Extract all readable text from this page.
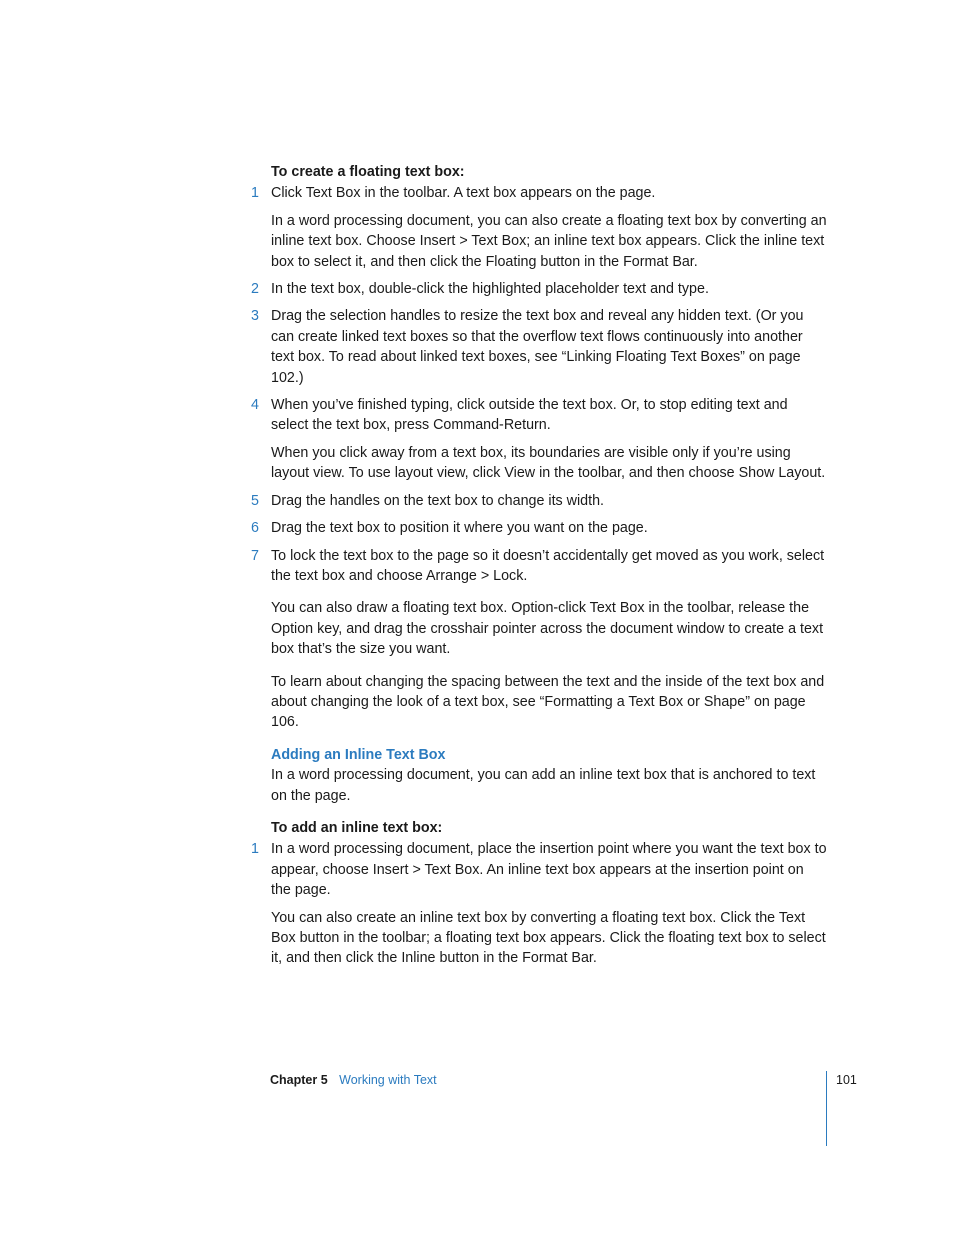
To create a floating text box:

1 Click Text Box in the toolbar. A text box appears on the page.

In a word processing document, you can also create a floating text box by converting an inline text box. Choose Insert > Text Box; an inline text box appears. Click the inline text box to select it, and then click the Floating button in the Format Bar.

2 In the text box, double-click the highlighted placeholder text and type.
3 Drag the selection handles to resize the text box and reveal any hidden text. (Or you can create linked text boxes so that the overflow text flows continuously into another text box. To read about linked text boxes, see “Linking Floating Text Boxes” on page 102.)
4 When you’ve finished typing, click outside the text box. Or, to stop editing text and select the text box, press Command-Return.

When you click away from a text box, its boundaries are visible only if you’re using layout view. To use layout view, click View in the toolbar, and then choose Show Layout.

5 Drag the handles on the text box to change its width.
6 Drag the text box to position it where you want on the page.
7 To lock the text box to the page so it doesn’t accidentally get moved as you work, select the text box and choose Arrange > Lock.

You can also draw a floating text box. Option-click Text Box in the toolbar, release the Option key, and drag the crosshair pointer across the document window to create a text box that’s the size you want.

To learn about changing the spacing between the text and the inside of the text box and about changing the look of a text box, see “Formatting a Text Box or Shape” on page 106.

Adding an Inline Text Box

In a word processing document, you can add an inline text box that is anchored to text on the page.

To add an inline text box:

1 In a word processing document, place the insertion point where you want the text box to appear, choose Insert > Text Box. An inline text box appears at the insertion point on the page.

You can also create an inline text box by converting a floating text box. Click the Text Box button in the toolbar; a floating text box appears. Click the floating text box to select it, and then click the Inline button in the Format Bar.

Chapter 5 Working with Text	101
